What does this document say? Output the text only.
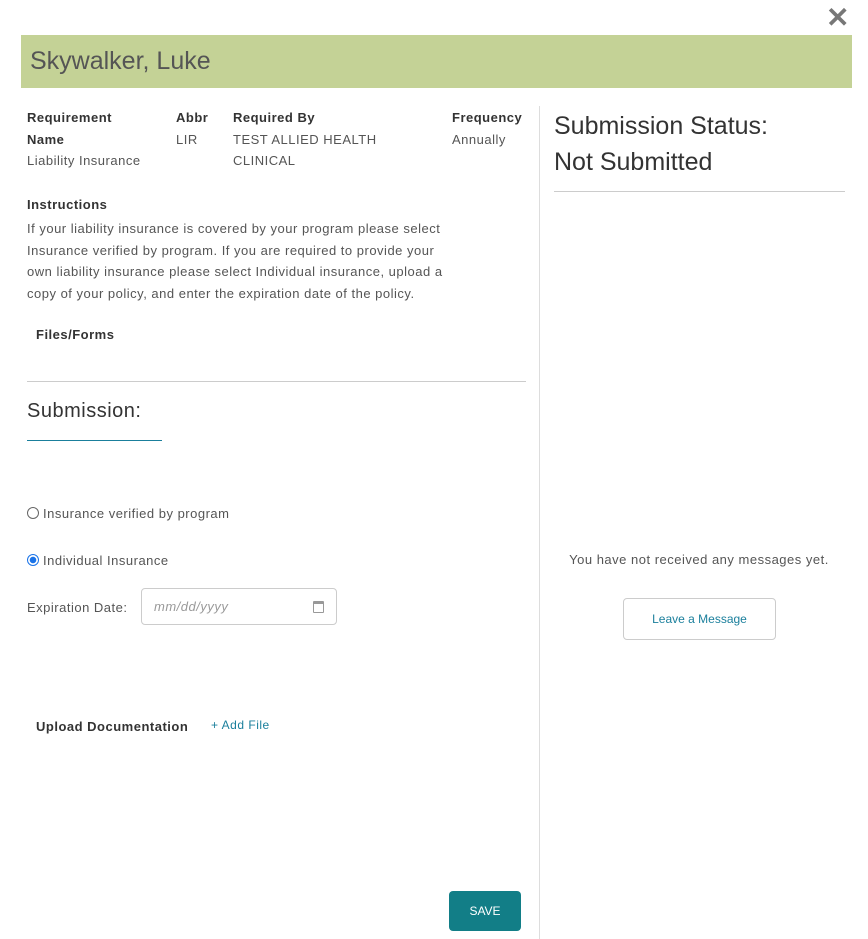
✕
Skywalker, Luke
Requirement
Name
Liability Insurance
Abbr
LIR
Required By
TEST ALLIED HEALTH
CLINICAL
Frequency
Annually
Instructions
If your liability insurance is covered by your program please select
Insurance verified by program. If you are required to provide your
own liability insurance please select Individual insurance, upload a
copy of your policy, and enter the expiration date of the policy.
Files/Forms
Submission:
Insurance verified by program
Individual Insurance
Expiration Date:	mm/dd/yyyy
Upload Documentation + Add File
SAVE
Submission Status:
Not Submitted
You have not received any messages yet.
Leave a Message
